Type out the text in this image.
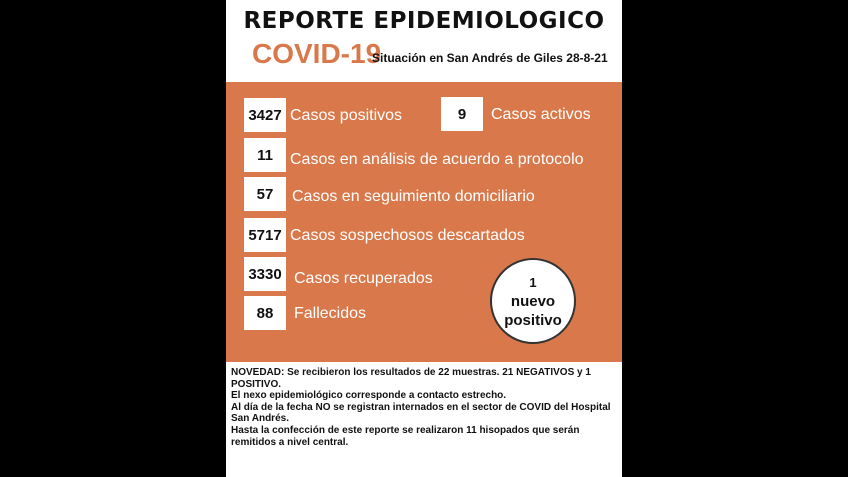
REPORTE EPIDEMIOLOGICO
COVID-19
Situación en San Andrés de Giles 28-8-21
3427 Casos positivos	9	Casos activos
11	Casos en análisis de acuerdo a protocolo
57	Casos en seguimiento domiciliario
5717 Casos sospechosos descartados
3330 Casos recuperados
88	Fallecidos
1
nuevo
positivo
NOVEDAD: Se recibieron los resultados de 22 muestras. 21 NEGATIVOS y 1 POSITIVO.
El nexo epidemiológico corresponde a contacto estrecho.
Al día de la fecha NO se registran internados en el sector de COVID del Hospital San Andrés.
Hasta la confección de este reporte se realizaron 11 hisopados que serán remitidos a nivel central.
